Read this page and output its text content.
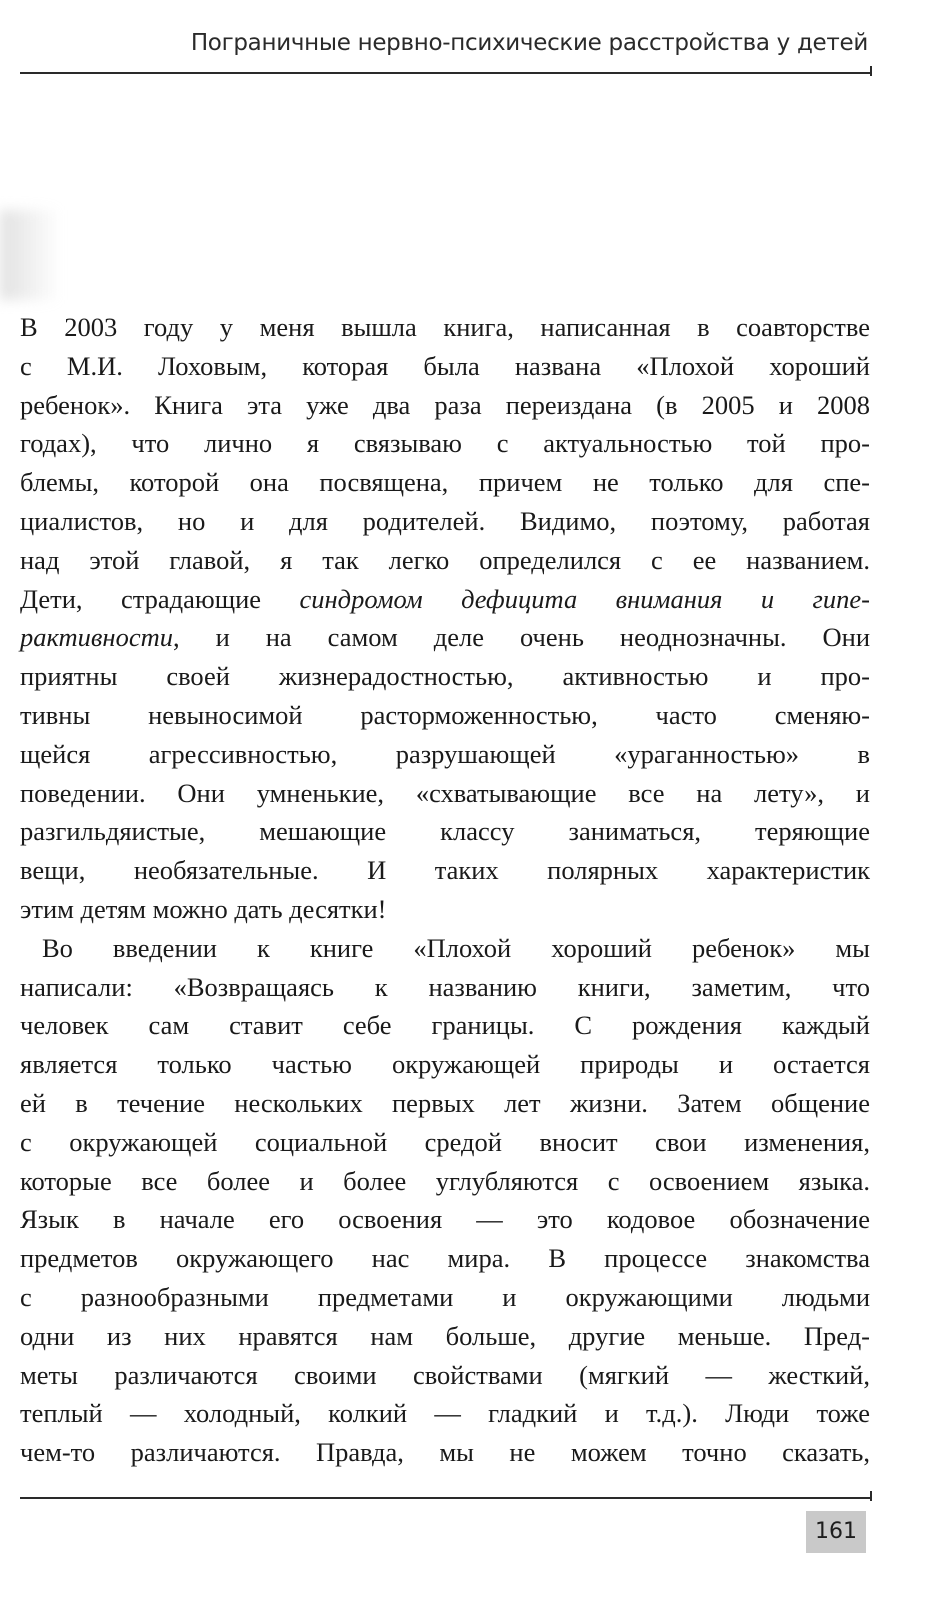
Пограничные нервно-психические расстройства у детей
В 2003 году у меня вышла книга, написанная в соавторстве
с М.И. Лоховым, которая была названа «Плохой хороший
ребенок». Книга эта уже два раза переиздана (в 2005 и 2008
годах), что лично я связываю с актуальностью той про-
блемы, которой она посвящена, причем не только для спе-
циалистов, но и для родителей. Видимо, поэтому, работая
над этой главой, я так легко определился с ее названием.
Дети, страдающие синдромом дефицита внимания и гипе-
рактивности, и на самом деле очень неоднозначны. Они
приятны своей жизнерадостностью, активностью и про-
тивны невыносимой расторможенностью, часто сменяю-
щейся агрессивностью, разрушающей «ураганностью» в
поведении. Они умненькие, «схватывающие все на лету», и
разгильдяистые, мешающие классу заниматься, теряющие
вещи, необязательные. И таких полярных характеристик
этим детям можно дать десятки!
Во введении к книге «Плохой хороший ребенок» мы
написали: «Возвращаясь к названию книги, заметим, что
человек сам ставит себе границы. С рождения каждый
является только частью окружающей природы и остается
ей в течение нескольких первых лет жизни. Затем общение
с окружающей социальной средой вносит свои изменения,
которые все более и более углубляются с освоением языка.
Язык в начале его освоения — это кодовое обозначение
предметов окружающего нас мира. В процессе знакомства
с разнообразными предметами и окружающими людьми
одни из них нравятся нам больше, другие меньше. Пред-
меты различаются своими свойствами (мягкий — жесткий,
теплый — холодный, колкий — гладкий и т.д.). Люди тоже
чем-то различаются. Правда, мы не можем точно сказать,
161
